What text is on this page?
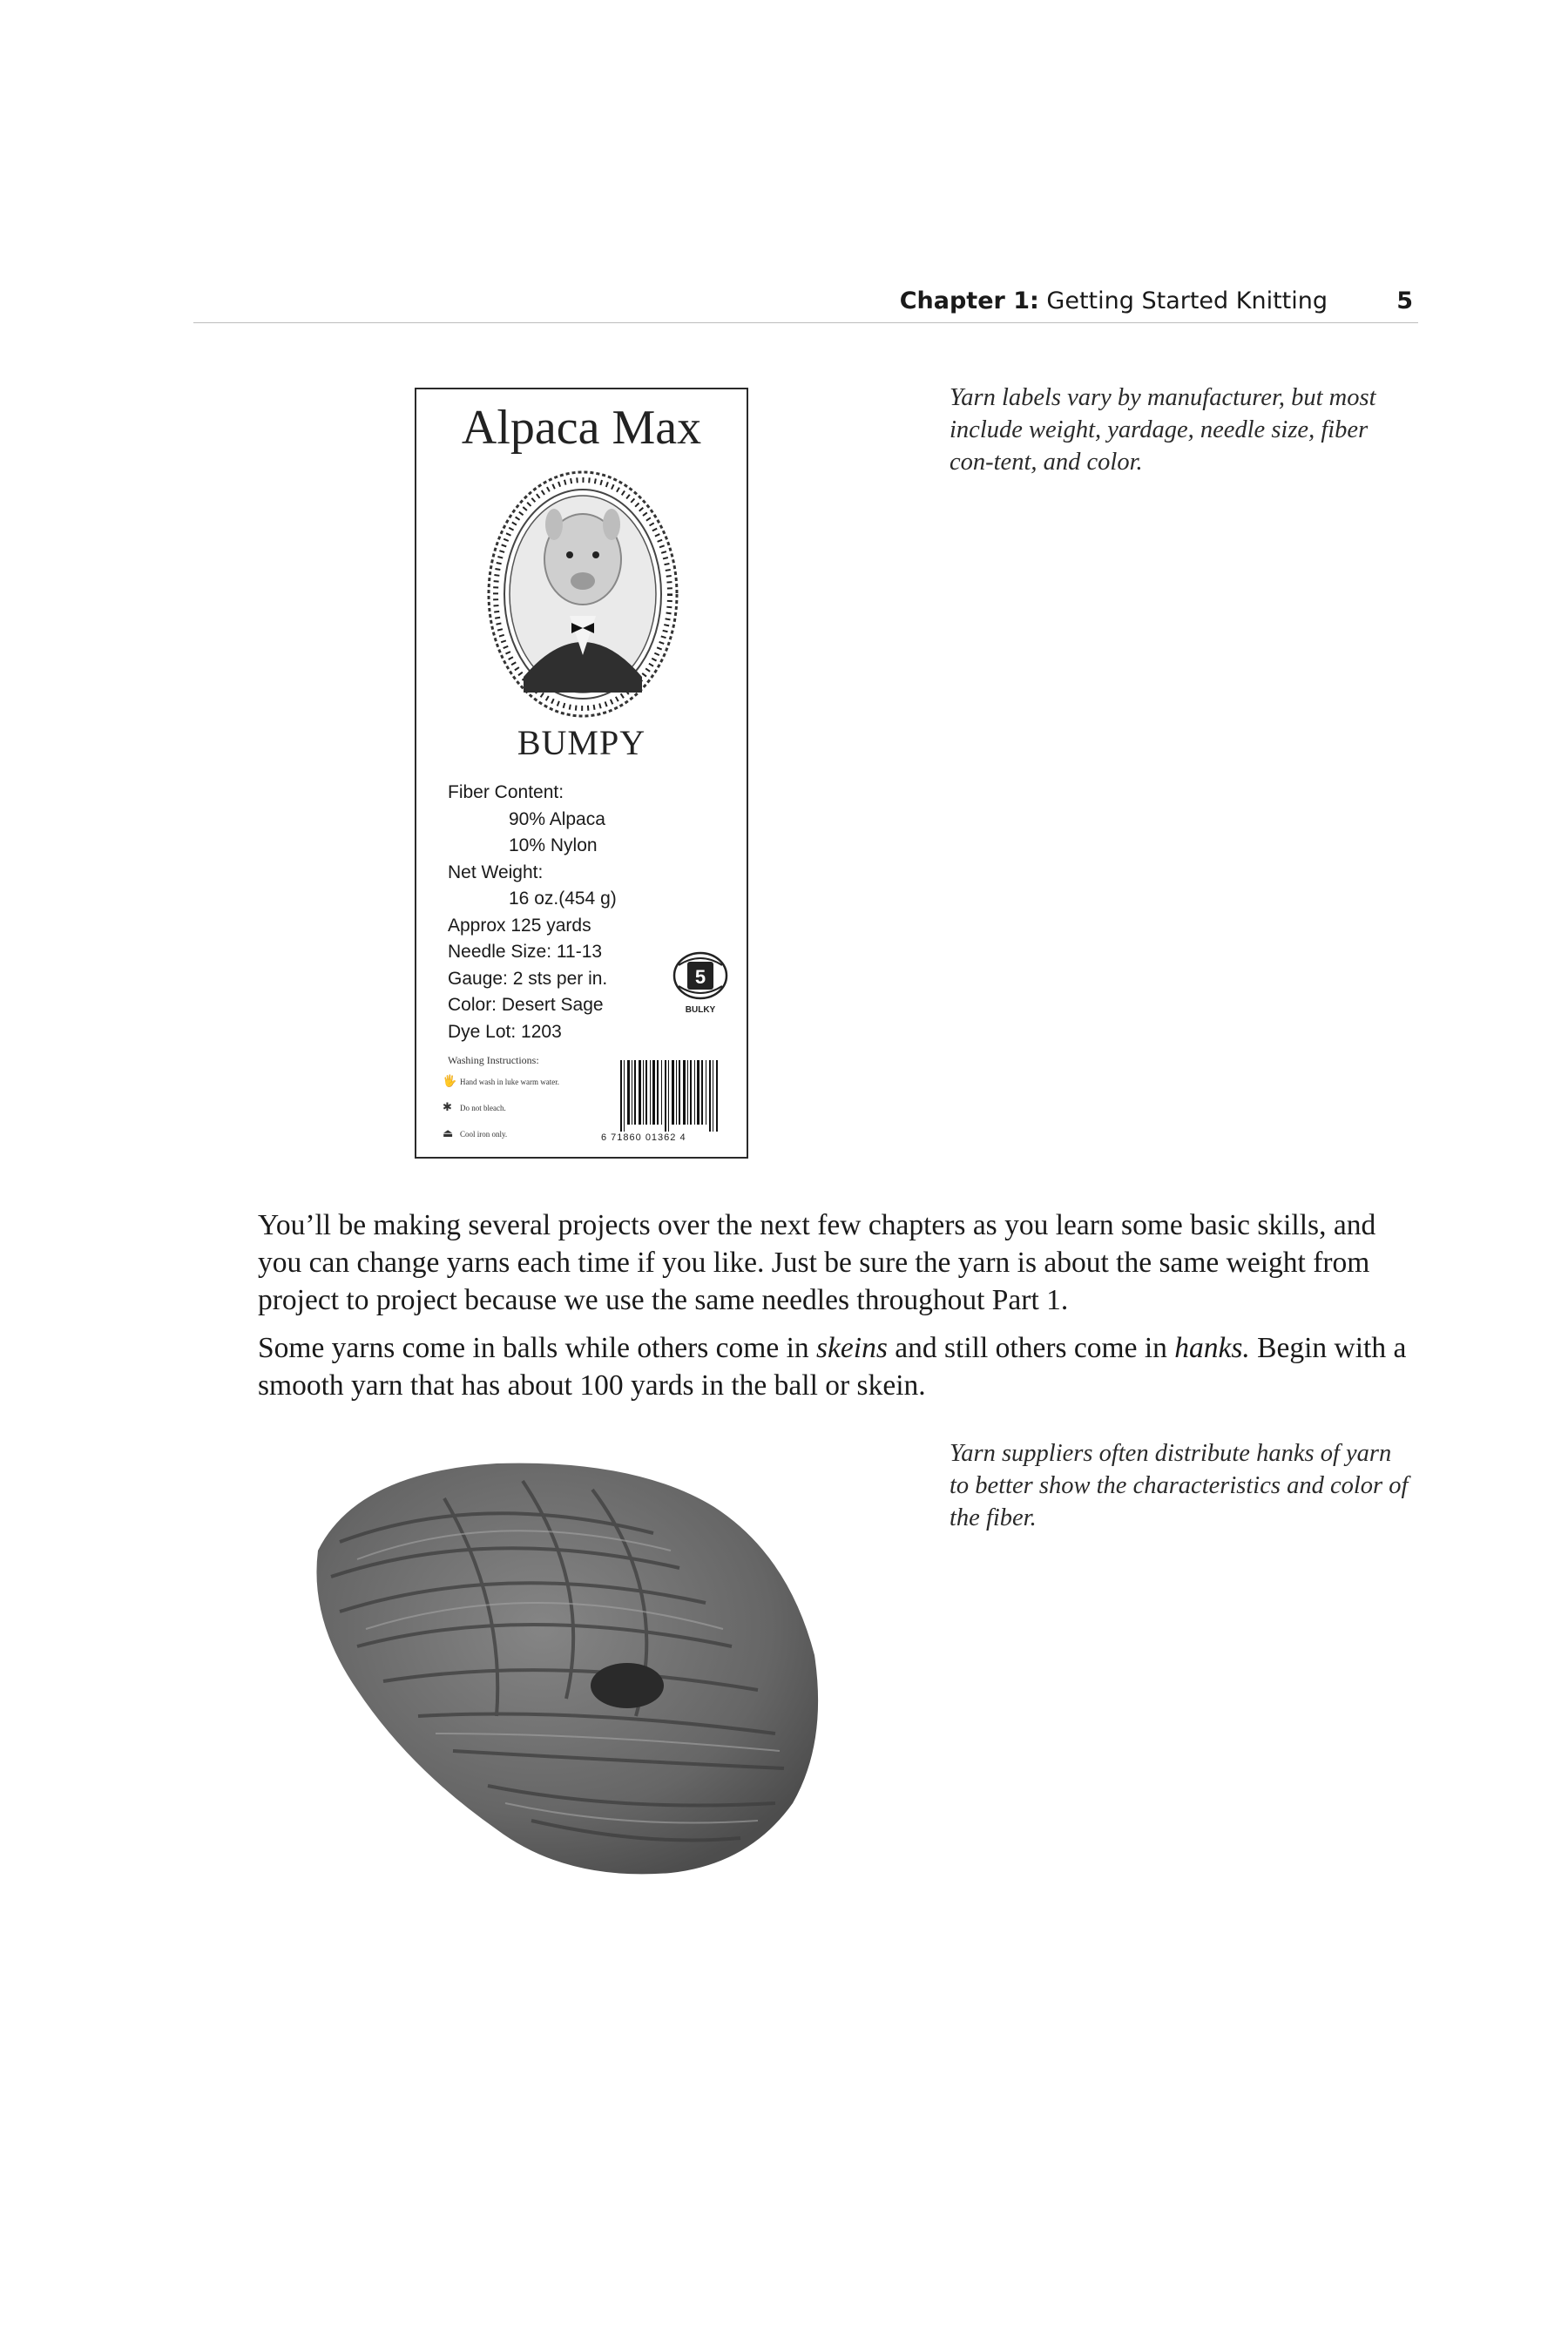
Chapter 1: Getting Started Knitting	5
Alpaca Max
BUMPY
Fiber Content:
90% Alpaca
10% Nylon
Net Weight:
16 oz.(454 g)
Approx 125 yards
Needle Size: 11-13
Gauge: 2 sts per in.
Color: Desert Sage
Dye Lot: 1203
5
BULKY
Washing Instructions:
🖐 Hand wash in luke warm water.
✱ Do not bleach.
⏏ Cool iron only.	6 71860 01362 4
Yarn labels vary by manufacturer, but most include weight, yardage, needle size, fiber con-tent, and color.

You’ll be making several projects over the next few chapters as you learn some basic skills, and you can change yarns each time if you like. Just be sure the yarn is about the same weight from project to project because we use the same needles throughout Part 1.

Some yarns come in balls while others come in skeins and still others come in hanks. Begin with a smooth yarn that has about 100 yards in the ball or skein.

Yarn suppliers often distribute hanks of yarn to better show the characteristics and color of the fiber.
